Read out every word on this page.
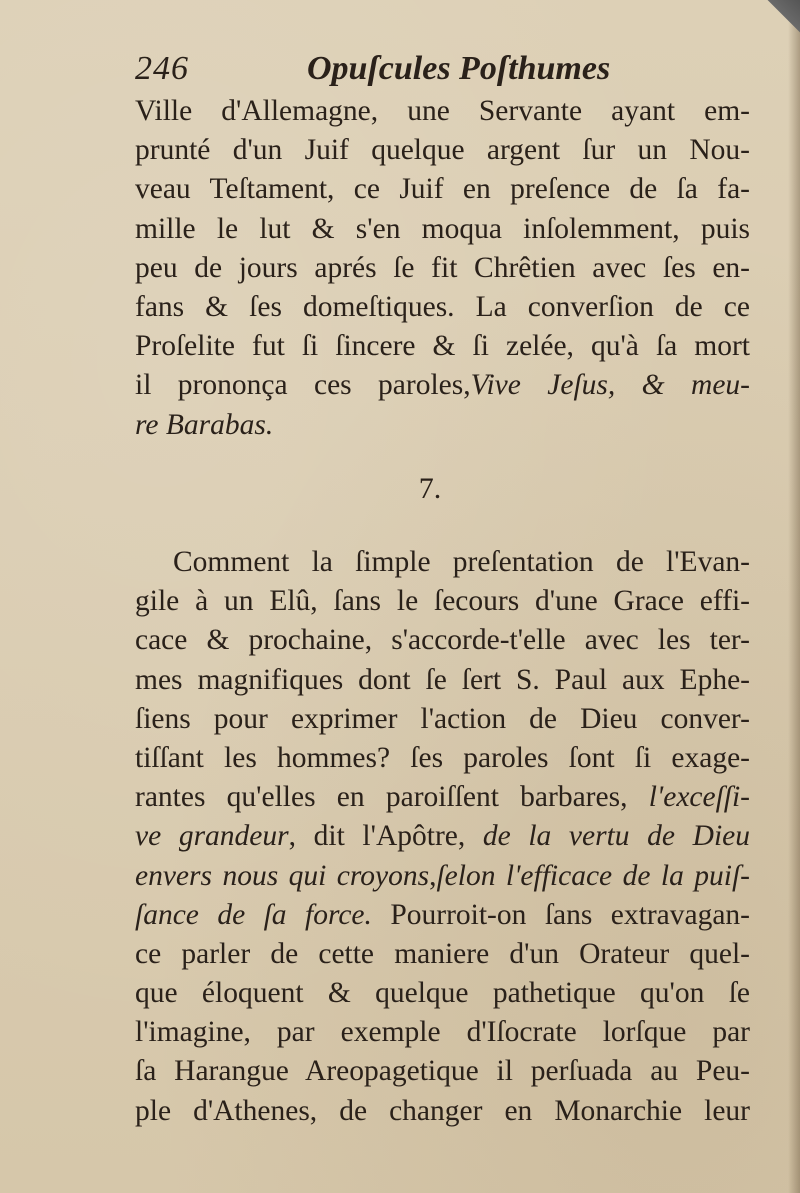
246	Opuſcules Poſthumes
Ville d'Allemagne, une Servante ayant em-
prunté d'un Juif quelque argent ſur un Nou-
veau Teſtament, ce Juif en preſence de ſa fa-
mille le lut & s'en moqua inſolemment, puis
peu de jours aprés ſe fit Chrêtien avec ſes en-
fans & ſes domeſtiques. La converſion de ce
Proſelite fut ſi ſincere & ſi zelée, qu'à ſa mort
il prononça ces paroles,Vive Jeſus, & meu-
re Barabas.
7.
Comment la ſimple preſentation de l'Evan-
gile à un Elû, ſans le ſecours d'une Grace effi-
cace & prochaine, s'accorde-t'elle avec les ter-
mes magnifiques dont ſe ſert S. Paul aux Ephe-
ſiens pour exprimer l'action de Dieu conver-
tiſſant les hommes? ſes paroles ſont ſi exage-
rantes qu'elles en paroiſſent barbares, l'exceſſi-
ve grandeur, dit l'Apôtre, de la vertu de Dieu
envers nous qui croyons,ſelon l'efficace de la puiſ-
ſance de ſa force. Pourroit-on ſans extravagan-
ce parler de cette maniere d'un Orateur quel-
que éloquent & quelque pathetique qu'on ſe
l'imagine, par exemple d'Iſocrate lorſque par
ſa Harangue Areopagetique il perſuada au Peu-
ple d'Athenes, de changer en Monarchie leur
